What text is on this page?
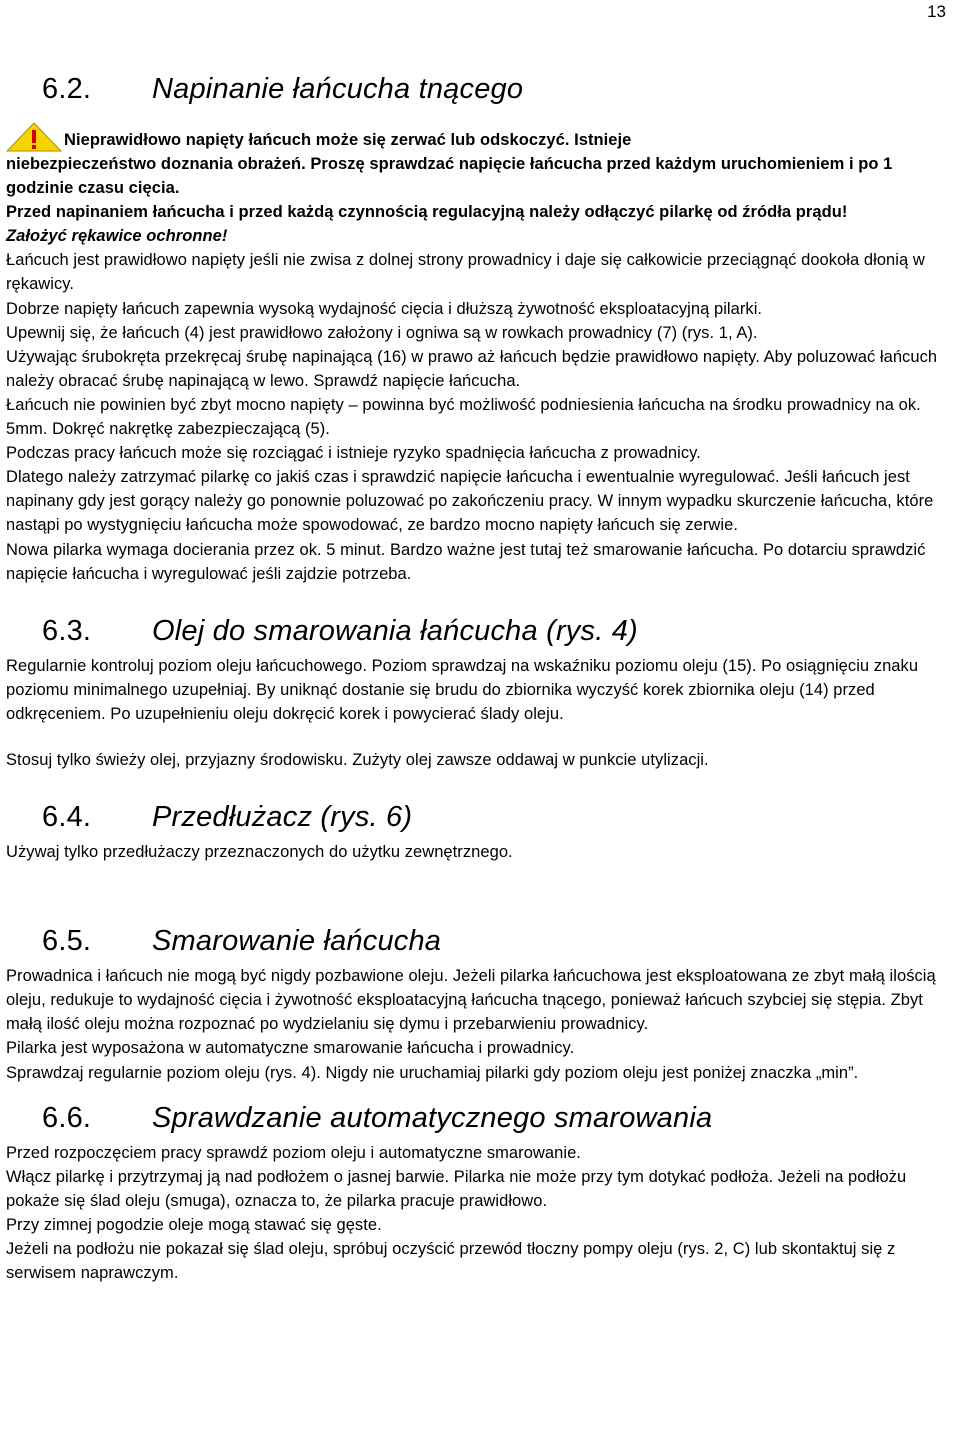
13
6.2.	Napinanie łańcucha tnącego

Nieprawidłowo napięty łańcuch może się zerwać lub odskoczyć. Istnieje

niebezpieczeństwo doznania obrażeń. Proszę sprawdzać napięcie łańcucha przed każdym uruchomieniem i po 1 godzinie czasu cięcia.

Przed napinaniem łańcucha i przed każdą czynnością regulacyjną należy odłączyć pilarkę od źródła prądu!

Założyć rękawice ochronne!

Łańcuch jest prawidłowo napięty jeśli nie zwisa z dolnej strony prowadnicy i daje się całkowicie przeciągnąć dookoła dłonią w rękawicy.

Dobrze napięty łańcuch zapewnia wysoką wydajność cięcia i dłuższą żywotność eksploatacyjną pilarki.

Upewnij się, że łańcuch (4) jest prawidłowo założony i ogniwa są w rowkach prowadnicy (7) (rys. 1, A).

Używając śrubokręta przekręcaj śrubę napinającą (16) w prawo aż łańcuch będzie prawidłowo napięty. Aby poluzować łańcuch należy obracać śrubę napinającą w lewo. Sprawdź napięcie łańcucha.

Łańcuch nie powinien być zbyt mocno napięty – powinna być możliwość podniesienia łańcucha na środku prowadnicy na ok. 5mm. Dokręć nakrętkę zabezpieczającą (5).

Podczas pracy łańcuch może się rozciągać i istnieje ryzyko spadnięcia łańcucha z prowadnicy.

Dlatego należy zatrzymać pilarkę co jakiś czas i sprawdzić napięcie łańcucha i ewentualnie wyregulować. Jeśli łańcuch jest napinany gdy jest gorący należy go ponownie poluzować po zakończeniu pracy. W innym wypadku skurczenie łańcucha, które nastąpi po wystygnięciu łańcucha może spowodować, ze bardzo mocno napięty łańcuch się zerwie.

Nowa pilarka wymaga docierania przez ok. 5 minut. Bardzo ważne jest tutaj też smarowanie łańcucha. Po dotarciu sprawdzić napięcie łańcucha i wyregulować jeśli zajdzie potrzeba.

6.3.	Olej do smarowania łańcucha (rys. 4)

Regularnie kontroluj poziom oleju łańcuchowego. Poziom sprawdzaj na wskaźniku poziomu oleju (15). Po osiągnięciu znaku poziomu minimalnego uzupełniaj. By uniknąć dostanie się brudu do zbiornika wyczyść korek zbiornika oleju (14) przed odkręceniem. Po uzupełnieniu oleju dokręcić korek i powycierać ślady oleju.

Stosuj tylko świeży olej, przyjazny środowisku. Zużyty olej zawsze oddawaj w punkcie utylizacji.

6.4.	Przedłużacz (rys. 6)

Używaj tylko przedłużaczy przeznaczonych do użytku zewnętrznego.

6.5.	Smarowanie łańcucha

Prowadnica i łańcuch nie mogą być nigdy pozbawione oleju. Jeżeli pilarka łańcuchowa jest eksploatowana ze zbyt małą ilością oleju, redukuje to wydajność cięcia i żywotność eksploatacyjną łańcucha tnącego, ponieważ łańcuch szybciej się stępia. Zbyt małą ilość oleju można rozpoznać po wydzielaniu się dymu i przebarwieniu prowadnicy.

Pilarka jest wyposażona w automatyczne smarowanie łańcucha i prowadnicy.

Sprawdzaj regularnie poziom oleju (rys. 4). Nigdy nie uruchamiaj pilarki gdy poziom oleju jest poniżej znaczka „min”.

6.6.	Sprawdzanie automatycznego smarowania

Przed rozpoczęciem pracy sprawdź poziom oleju i automatyczne smarowanie.

Włącz pilarkę i przytrzymaj ją nad podłożem o jasnej barwie. Pilarka nie może przy tym dotykać podłoża. Jeżeli na podłożu pokaże się ślad oleju (smuga), oznacza to, że pilarka pracuje prawidłowo.

Przy zimnej pogodzie oleje mogą stawać się gęste.

Jeżeli na podłożu nie pokazał się ślad oleju, spróbuj oczyścić przewód tłoczny pompy oleju (rys. 2, C) lub skontaktuj się z serwisem naprawczym.
